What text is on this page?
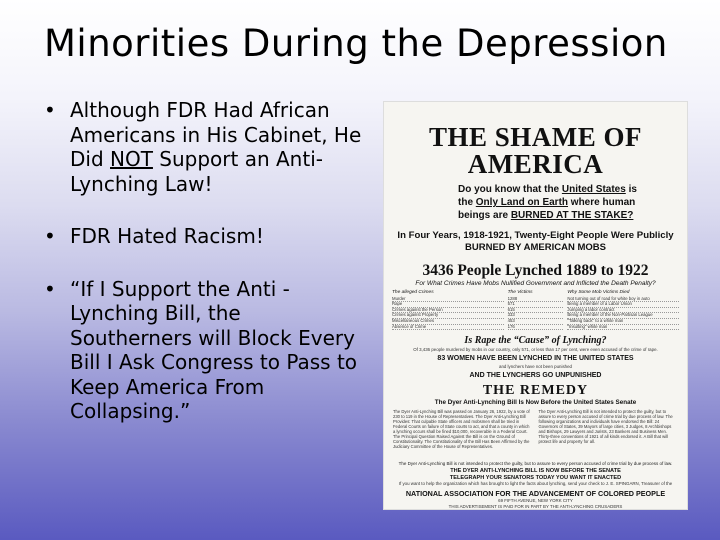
Minorities During the Depression
• Although FDR Had African Americans in His Cabinet, He Did NOT Support an Anti-Lynching Law!
• FDR Hated Racism!
• “If I Support the Anti -Lynching Bill, the Southerners will Block Every Bill I Ask Congress to Pass to Keep America From Collapsing.”
THE SHAME OF AMERICA
Do you know that the United States is
the Only Land on Earth where human
beings are BURNED AT THE STAKE?
In Four Years, 1918-1921, Twenty-Eight People Were Publicly
BURNED BY AMERICAN MOBS
3436 People Lynched 1889 to 1922
For What Crimes Have Mobs Nullified Government and Inflicted the Death Penalty?
The alleged Crimes
Murder
Rape
Crimes against the Person
Crimes against Property
Miscellaneous Crimes
Absence of Crime
The Victims
1288
571
615
333
453
176
Why Some Mob Victims Died
Not turning out of road for white boy in auto
Being a member of a Labor Union
Jumping a labor contract
Being a member of the Non-Partisan League
"Talking back" to a white man
"Insulting" white man
Is Rape the “Cause” of Lynching?
Of 3,436 people murdered by mobs in our country, only 571, or less than 17 per cent, were even accused of the crime of rape.
83 WOMEN HAVE BEEN LYNCHED IN THE UNITED STATES
and lynchers have not been punished
AND THE LYNCHERS GO UNPUNISHED
THE REMEDY
The Dyer Anti-Lynching Bill Is Now Before the United States Senate
The Dyer Anti-Lynching Bill was passed on January 26, 1922, by a vote of 230 to 119 in the House of Representatives. The Dyer Anti-Lynching Bill Provides: That culpable State officers and mobsmen shall be tried in Federal Courts on failure of State courts to act, and that a county in which a lynching occurs shall be fined $10,000, recoverable in a Federal Court. The Principal Question Raised Against the Bill is on the Ground of Constitutionality. The Constitutionality of the Bill Has Been Affirmed by the Judiciary Committee of the House of Representatives.
The Dyer Anti-Lynching Bill is not intended to protect the guilty, but to assure to every person accused of crime trial by due process of law. The following organizations and individuals have endorsed the Bill: 24 Governors of States, 39 Mayors of large cities, 3 Judges, 8 Archbishops and Bishops, 29 Lawyers and Jurists, 23 Bankers and Business Men. Thirty-three conventions of 1921 of all kinds endorsed it. A Bill that will protect life and property for all.
The Dyer Anti-Lynching Bill is not intended to protect the guilty, but to assure to every person accused of crime trial by due process of law.
THE DYER ANTI-LYNCHING BILL IS NOW BEFORE THE SENATE
TELEGRAPH YOUR SENATORS TODAY YOU WANT IT ENACTED
If you want to help the organization which has brought to light the facts about lynching, send your check to J. E. SPINGARN, Treasurer of the
NATIONAL ASSOCIATION FOR THE ADVANCEMENT OF COLORED PEOPLE
69 FIFTH AVENUE, NEW YORK CITY
THIS ADVERTISEMENT IS PAID FOR IN PART BY THE ANTI-LYNCHING CRUSADERS
